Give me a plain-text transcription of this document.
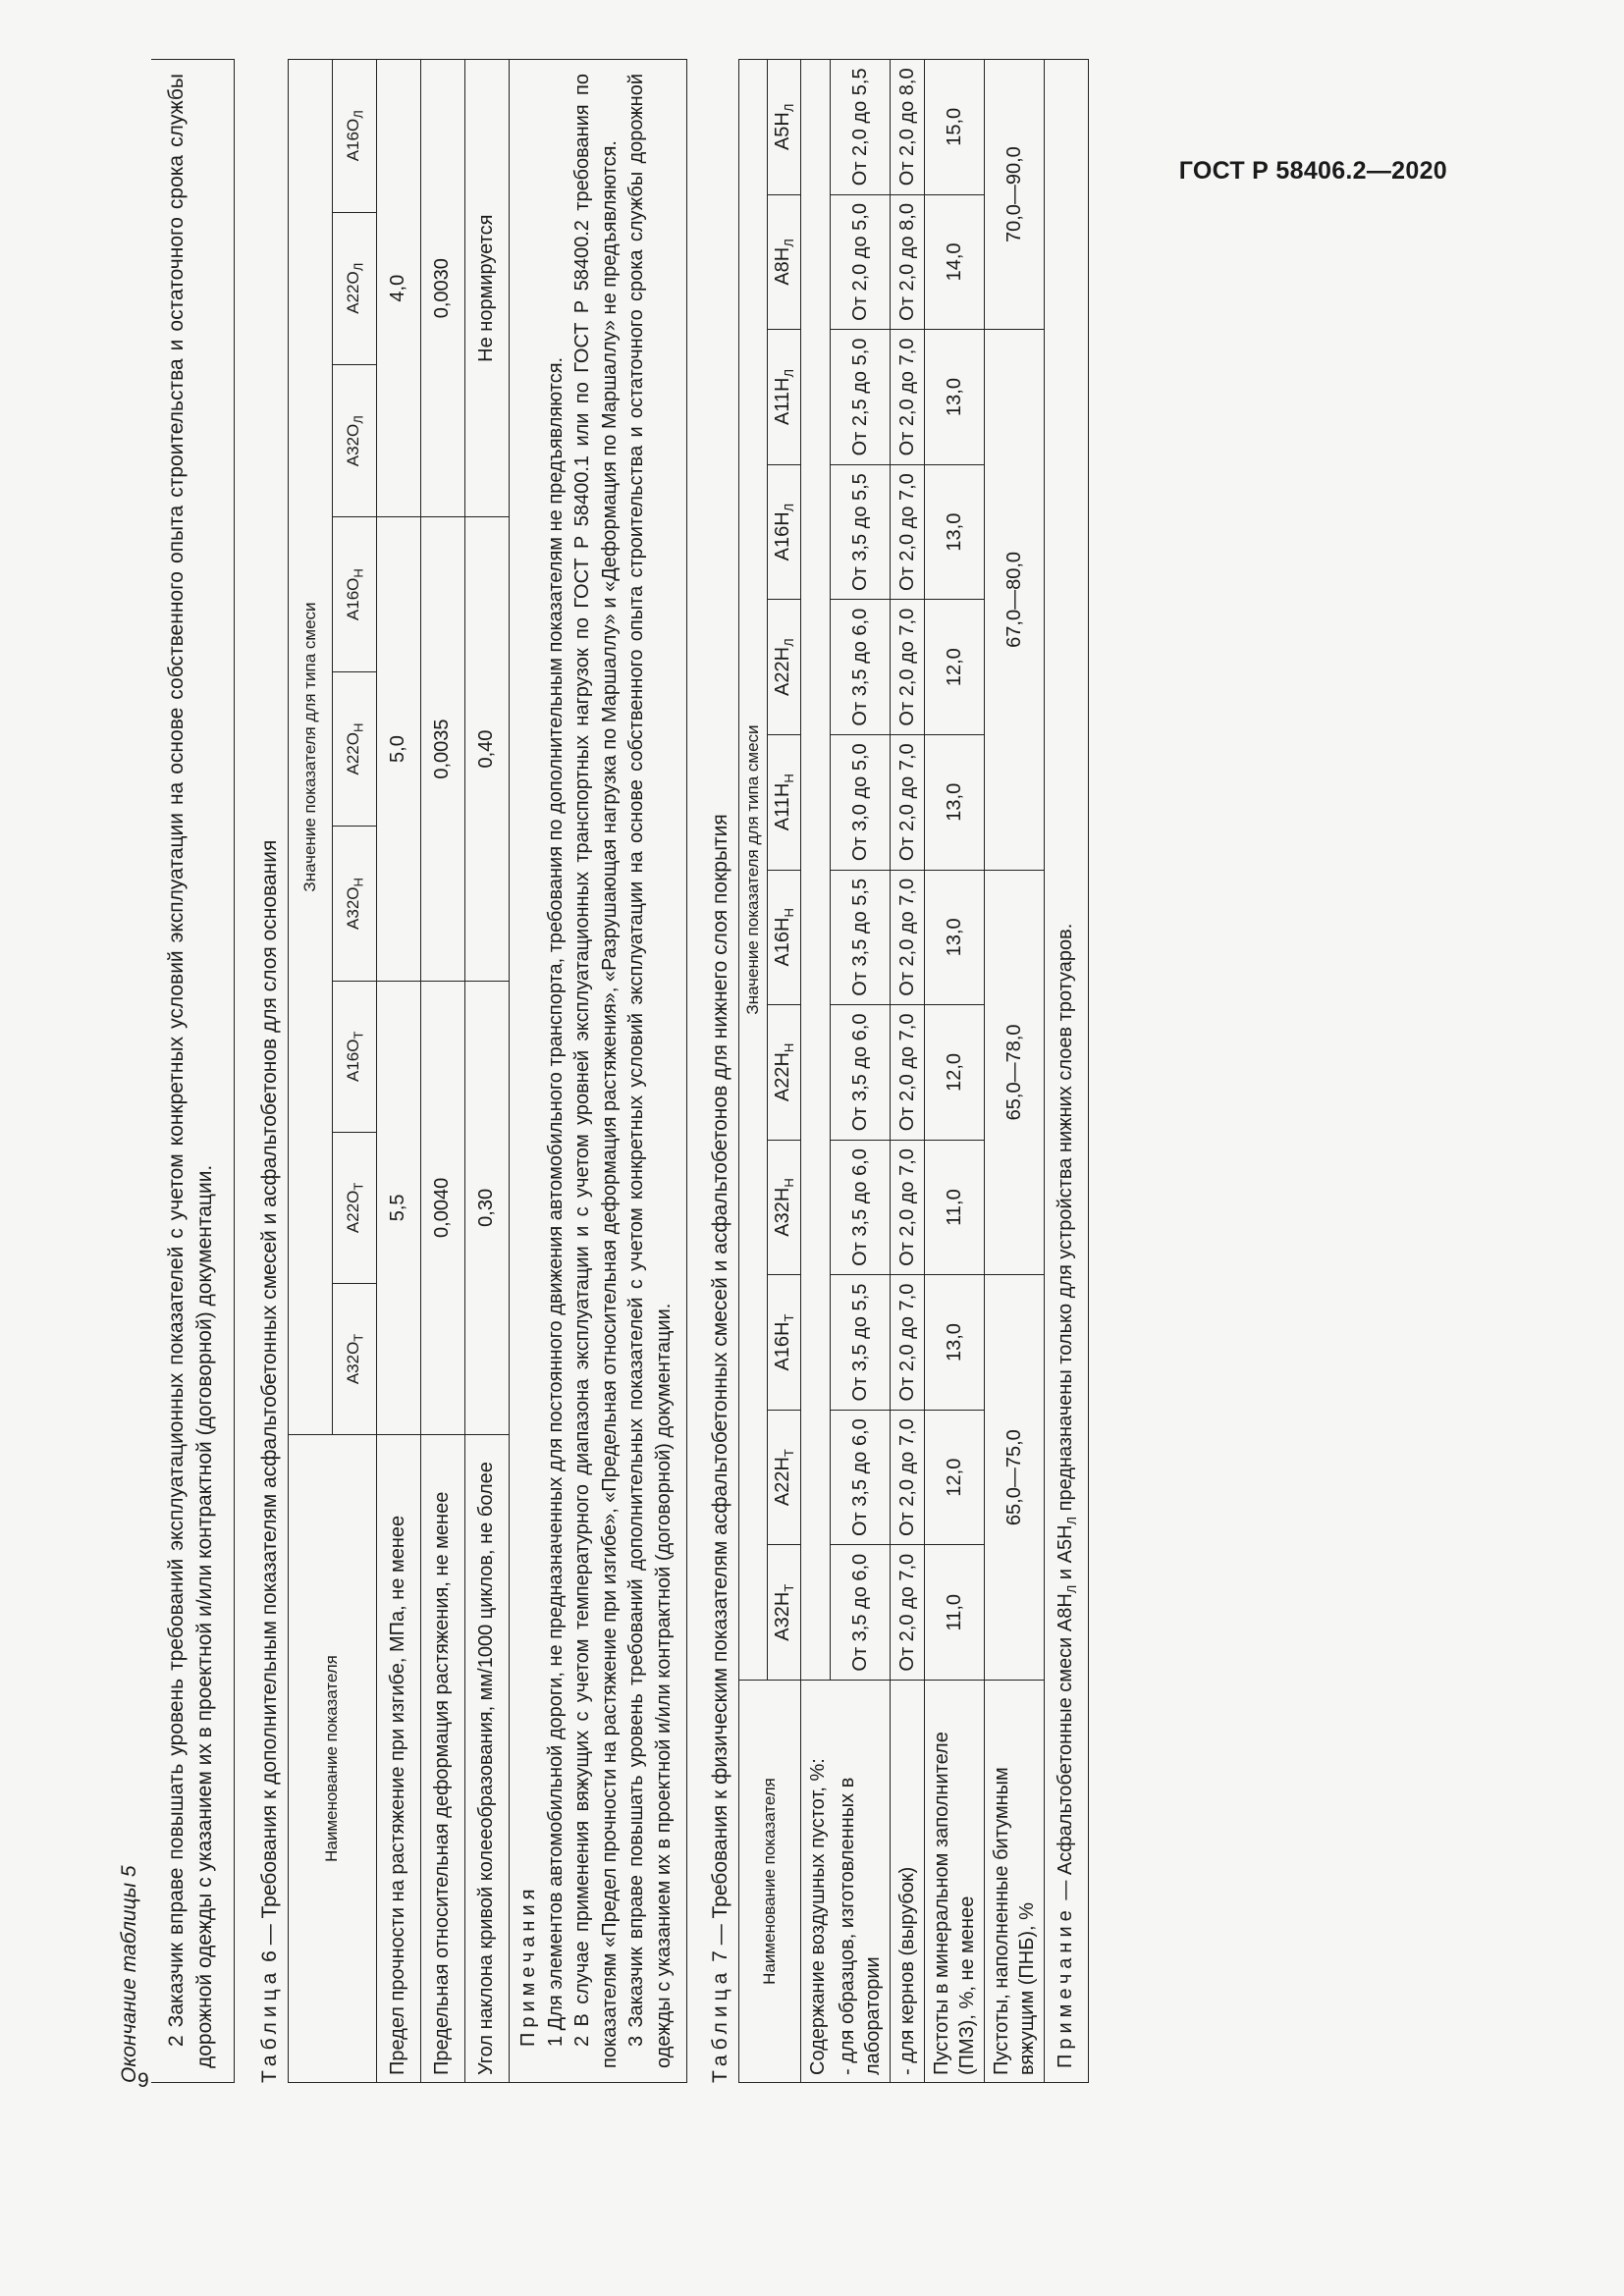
ГОСТ Р 58406.2—2020
9
Окончание таблицы 5 2 Заказчик вправе повышать уровень требований эксплуатационных показателей с учетом конкретных условий эксплуатации на основе собственного опыта строительства и остаточного срока службы дорожной одежды с указанием их в проектной и/или контрактной (договорной) документации. Таблица 6 — Требования к дополнительным показателям асфальтобетонных смесей и асфальтобетонов для слоя основания	Наименование показателя	Значение показателя для типа смеси								
	$А32О_Т$	$А22О_Т$	$А16О_Т$	$А32О_Н$	$А22О_Н$	$А16О_Н$	$А32О_Л$	$А22О_Л$	$А16О_Л$
Предел прочности на растяжение при изгибе, МПа, не менее	5,5			5,0			4,0		
Предельная относительная деформация растяжения, не менее	0,0040			0,0035			0,0030		
Угол наклона кривой колееобразования, мм/1000 циклов, не более	0,30			0,40			Не нормируется		

Примечания 1 Для элементов автомобильной дороги, не предназначенных для постоянного движения автомобильного транспорта, требования по дополнительным показателям не предъявляются. 2 В случае применения вяжущих с учетом температурного диапазона эксплуатации и с учетом уровней эксплуатационных транспортных нагрузок по ГОСТ Р 58400.1 или по ГОСТ Р 58400.2 требования по показателям «Предел прочности на растяжение при изгибе», «Предельная относительная деформация растяжения», «Разрушающая нагрузка по Маршаллу» и «Деформация по Маршаллу» не предъявляются. 3 Заказчик вправе повышать уровень требований дополнительных показателей с учетом конкретных условий эксплуатации на основе собственного опыта строительства и остаточного срока службы дорожной одежды с указанием их в проектной и/или контрактной (договорной) документации.									Таблица 7 — Требования к физическим показателям асфальтобетонных смесей и асфальтобетонов для нижнего слоя покрытия Наименование показателя	Значение показателя для типа смеси											
	$А32Н_Т$	$А22Н_Т$	$А16Н_Т$	$А32Н_Н$	$А22Н_Н$	$А16Н_Н$	$А11Н_Н$	$А22Н_Л$	$А16Н_Л$	$А11Н_Л$	$А8Н_Л$	$А5Н_Л$
Содержание воздушных пустот, %:												
- для образцов, изготовленных в лаборатории	От 3,5 до 6,0	От 3,5 до 6,0	От 3,5 до 5,5	От 3,5 до 6,0	От 3,5 до 6,0	От 3,5 до 5,5	От 3,0 до 5,0	От 3,5 до 6,0	От 3,5 до 5,5	От 2,5 до 5,0	От 2,0 до 5,0	От 2,0 до 5,5
- для кернов (вырубок)	От 2,0 до 7,0	От 2,0 до 7,0	От 2,0 до 7,0	От 2,0 до 7,0	От 2,0 до 7,0	От 2,0 до 7,0	От 2,0 до 7,0	От 2,0 до 7,0	От 2,0 до 7,0	От 2,0 до 7,0	От 2,0 до 8,0	От 2,0 до 8,0
Пустоты в минеральном заполнителе (ПМЗ), %, не менее	11,0	12,0	13,0	11,0	12,0	13,0	13,0	12,0	13,0	13,0	14,0	15,0
Пустоты, наполненные битумным вяжущим (ПНБ), %	65,0—75,0			65,0—78,0			67,0—80,0				70,0—90,0	
Примечание — Асфальтобетонные смеси $А8Н_Л$ и $А5Н_Л$ предназначены только для устройства нижних слоев тротуаров.												
